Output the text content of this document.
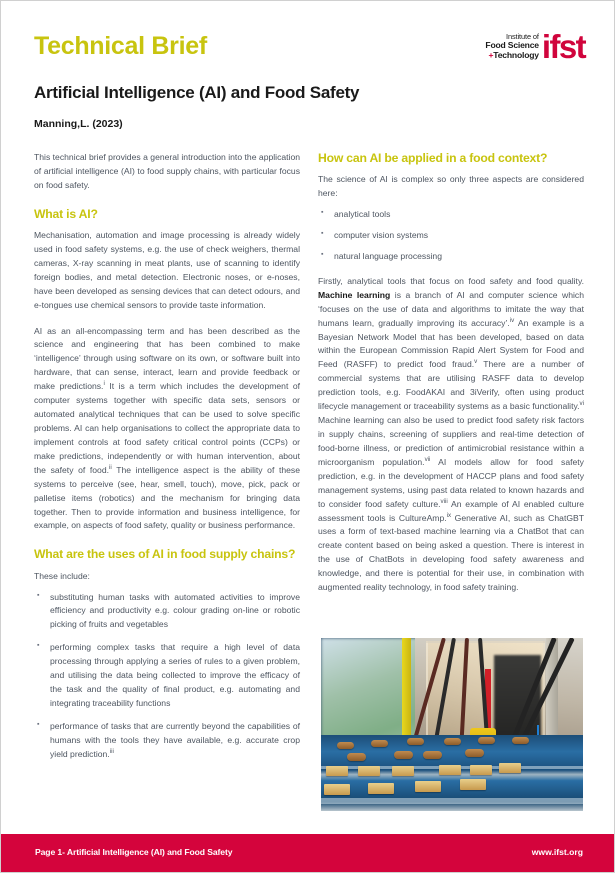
Technical Brief
Artificial Intelligence (AI) and Food Safety
Manning,L. (2023)
Institute of
Food Science
+Technology ifst

This technical brief provides a general introduction into the application of artificial intelligence (AI) to food supply chains, with particular focus on food safety.

What is AI?

Mechanisation, automation and image processing is already widely used in food safety systems, e.g. the use of check weighers, thermal cameras, X-ray scanning in meat plants, use of scanning to identify foreign bodies, and metal detection. Electronic noses, or e-noses, have been developed as sensing devices that can detect odours, and e-tongues use chemical sensors to provide taste information.

AI as an all-encompassing term and has been described as the science and engineering that has been combined to make ‘intelligence’ through using software on its own, or software built into hardware, that can sense, interact, learn and provide feedback or make predictions.$^i$ It is a term which includes the development of computer systems together with specific data sets, sensors or automated analytical techniques that can be used to solve specific problems. AI can help organisations to collect the appropriate data to implement controls at food safety critical control points (CCPs) or make predictions, independently or with human intervention, about the safety of food.$^{ii}$ The intelligence aspect is the ability of these systems to perceive (see, hear, smell, touch), move, pick, pack or palletise items (robotics) and the mechanism for bringing data together. Then to provide information and business intelligence, for example, on aspects of food safety, quality or business performance.

What are the uses of AI in food supply chains?

These include:

▪ substituting human tasks with automated activities to improve efficiency and productivity e.g. colour grading on-line or robotic picking of fruits and vegetables
▪ performing complex tasks that require a high level of data processing through applying a series of rules to a given problem, and utilising the data being collected to improve the efficacy of the task and the quality of final product, e.g. automating and integrating traceability functions
▪ performance of tasks that are currently beyond the capabilities of humans with the tools they have available, e.g. accurate crop yield prediction.$^{iii}$
How can AI be applied in a food context?

The science of AI is complex so only three aspects are considered here:

▪ analytical tools
▪ computer vision systems
▪ natural language processing

Firstly, analytical tools that focus on food safety and food quality. Machine learning is a branch of AI and computer science which ‘focuses on the use of data and algorithms to imitate the way that humans learn, gradually improving its accuracy’.$^{iv}$ An example is a Bayesian Network Model that has been developed, based on data within the European Commission Rapid Alert System for Food and Feed (RASFF) to predict food fraud.$^v$ There are a number of commercial systems that are utilising RASFF data to develop prediction tools, e.g. FoodAKAI and 3iVerify, often using product lifecycle management or traceability systems as a basic functionality.$^{vi}$ Machine learning can also be used to predict food safety risk factors in supply chains, screening of suppliers and real-time detection of food-borne illness, or prediction of antimicrobial resistance within a microorganism population.$^{vii}$ AI models allow for food safety prediction, e.g. in the development of HACCP plans and food safety management systems, using past data related to known hazards and to consider food safety culture.$^{viii}$ An example of AI enabled culture assessment tools is CultureAmp.$^{ix}$ Generative AI, such as ChatGBT uses a form of text-based machine learning via a ChatBot that can create content based on being asked a question. There is interest in the use of ChatBots in developing food safety awareness and knowledge, and there is potential for their use, in combination with augmented reality technology, in food safety training.

Page 1- Artificial Intelligence (AI) and Food Safety	www.ifst.org
